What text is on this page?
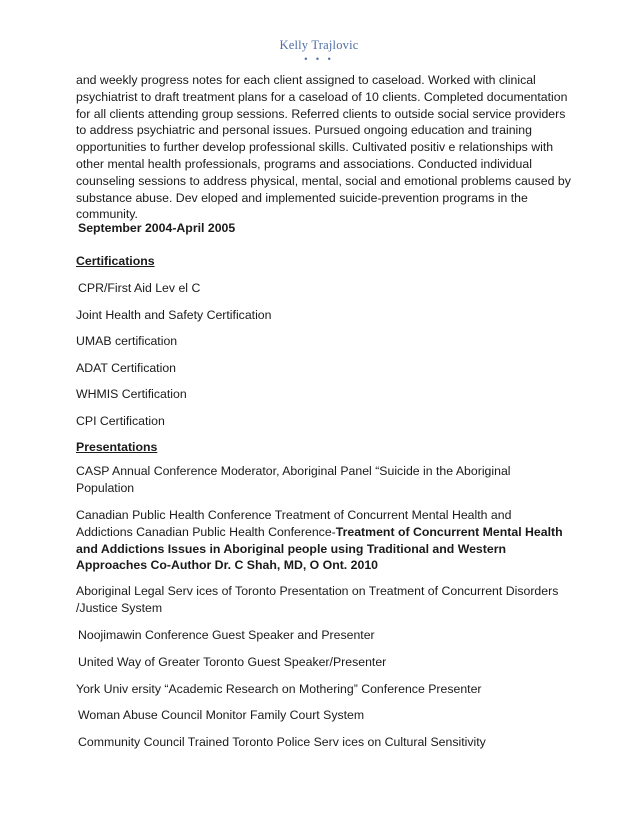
Kelly Trajlovic
• • •

and weekly progress notes for each client assigned to caseload. Worked with clinical psychiatrist to draft treatment plans for a caseload of 10 clients. Completed documentation for all clients attending group sessions. Referred clients to outside social service providers to address psychiatric and personal issues. Pursued ongoing education and training opportunities to further develop professional skills. Cultivated positiv e relationships with other mental health professionals, programs and associations. Conducted individual counseling sessions to address physical, mental, social and emotional problems caused by substance abuse. Dev eloped and implemented suicide-prevention programs in the community.

September 2004-April 2005
Certifications
CPR/First Aid Lev el C
Joint Health and Safety Certification
UMAB certification
ADAT Certification
WHMIS Certification
CPI Certification
Presentations

CASP Annual Conference Moderator, Aboriginal Panel “Suicide in the Aboriginal Population

Canadian Public Health Conference Treatment of Concurrent Mental Health and Addictions Canadian Public Health Conference-Treatment of Concurrent Mental Health and Addictions Issues in Aboriginal people using Traditional and Western Approaches Co-Author Dr. C Shah, MD, O Ont. 2010

Aboriginal Legal Serv ices of Toronto Presentation on Treatment of Concurrent Disorders /Justice System

Noojimawin Conference Guest Speaker and Presenter
United Way of Greater Toronto Guest Speaker/Presenter
York Univ ersity “Academic Research on Mothering” Conference Presenter
Woman Abuse Council Monitor Family Court System
Community Council Trained Toronto Police Serv ices on Cultural Sensitivity
